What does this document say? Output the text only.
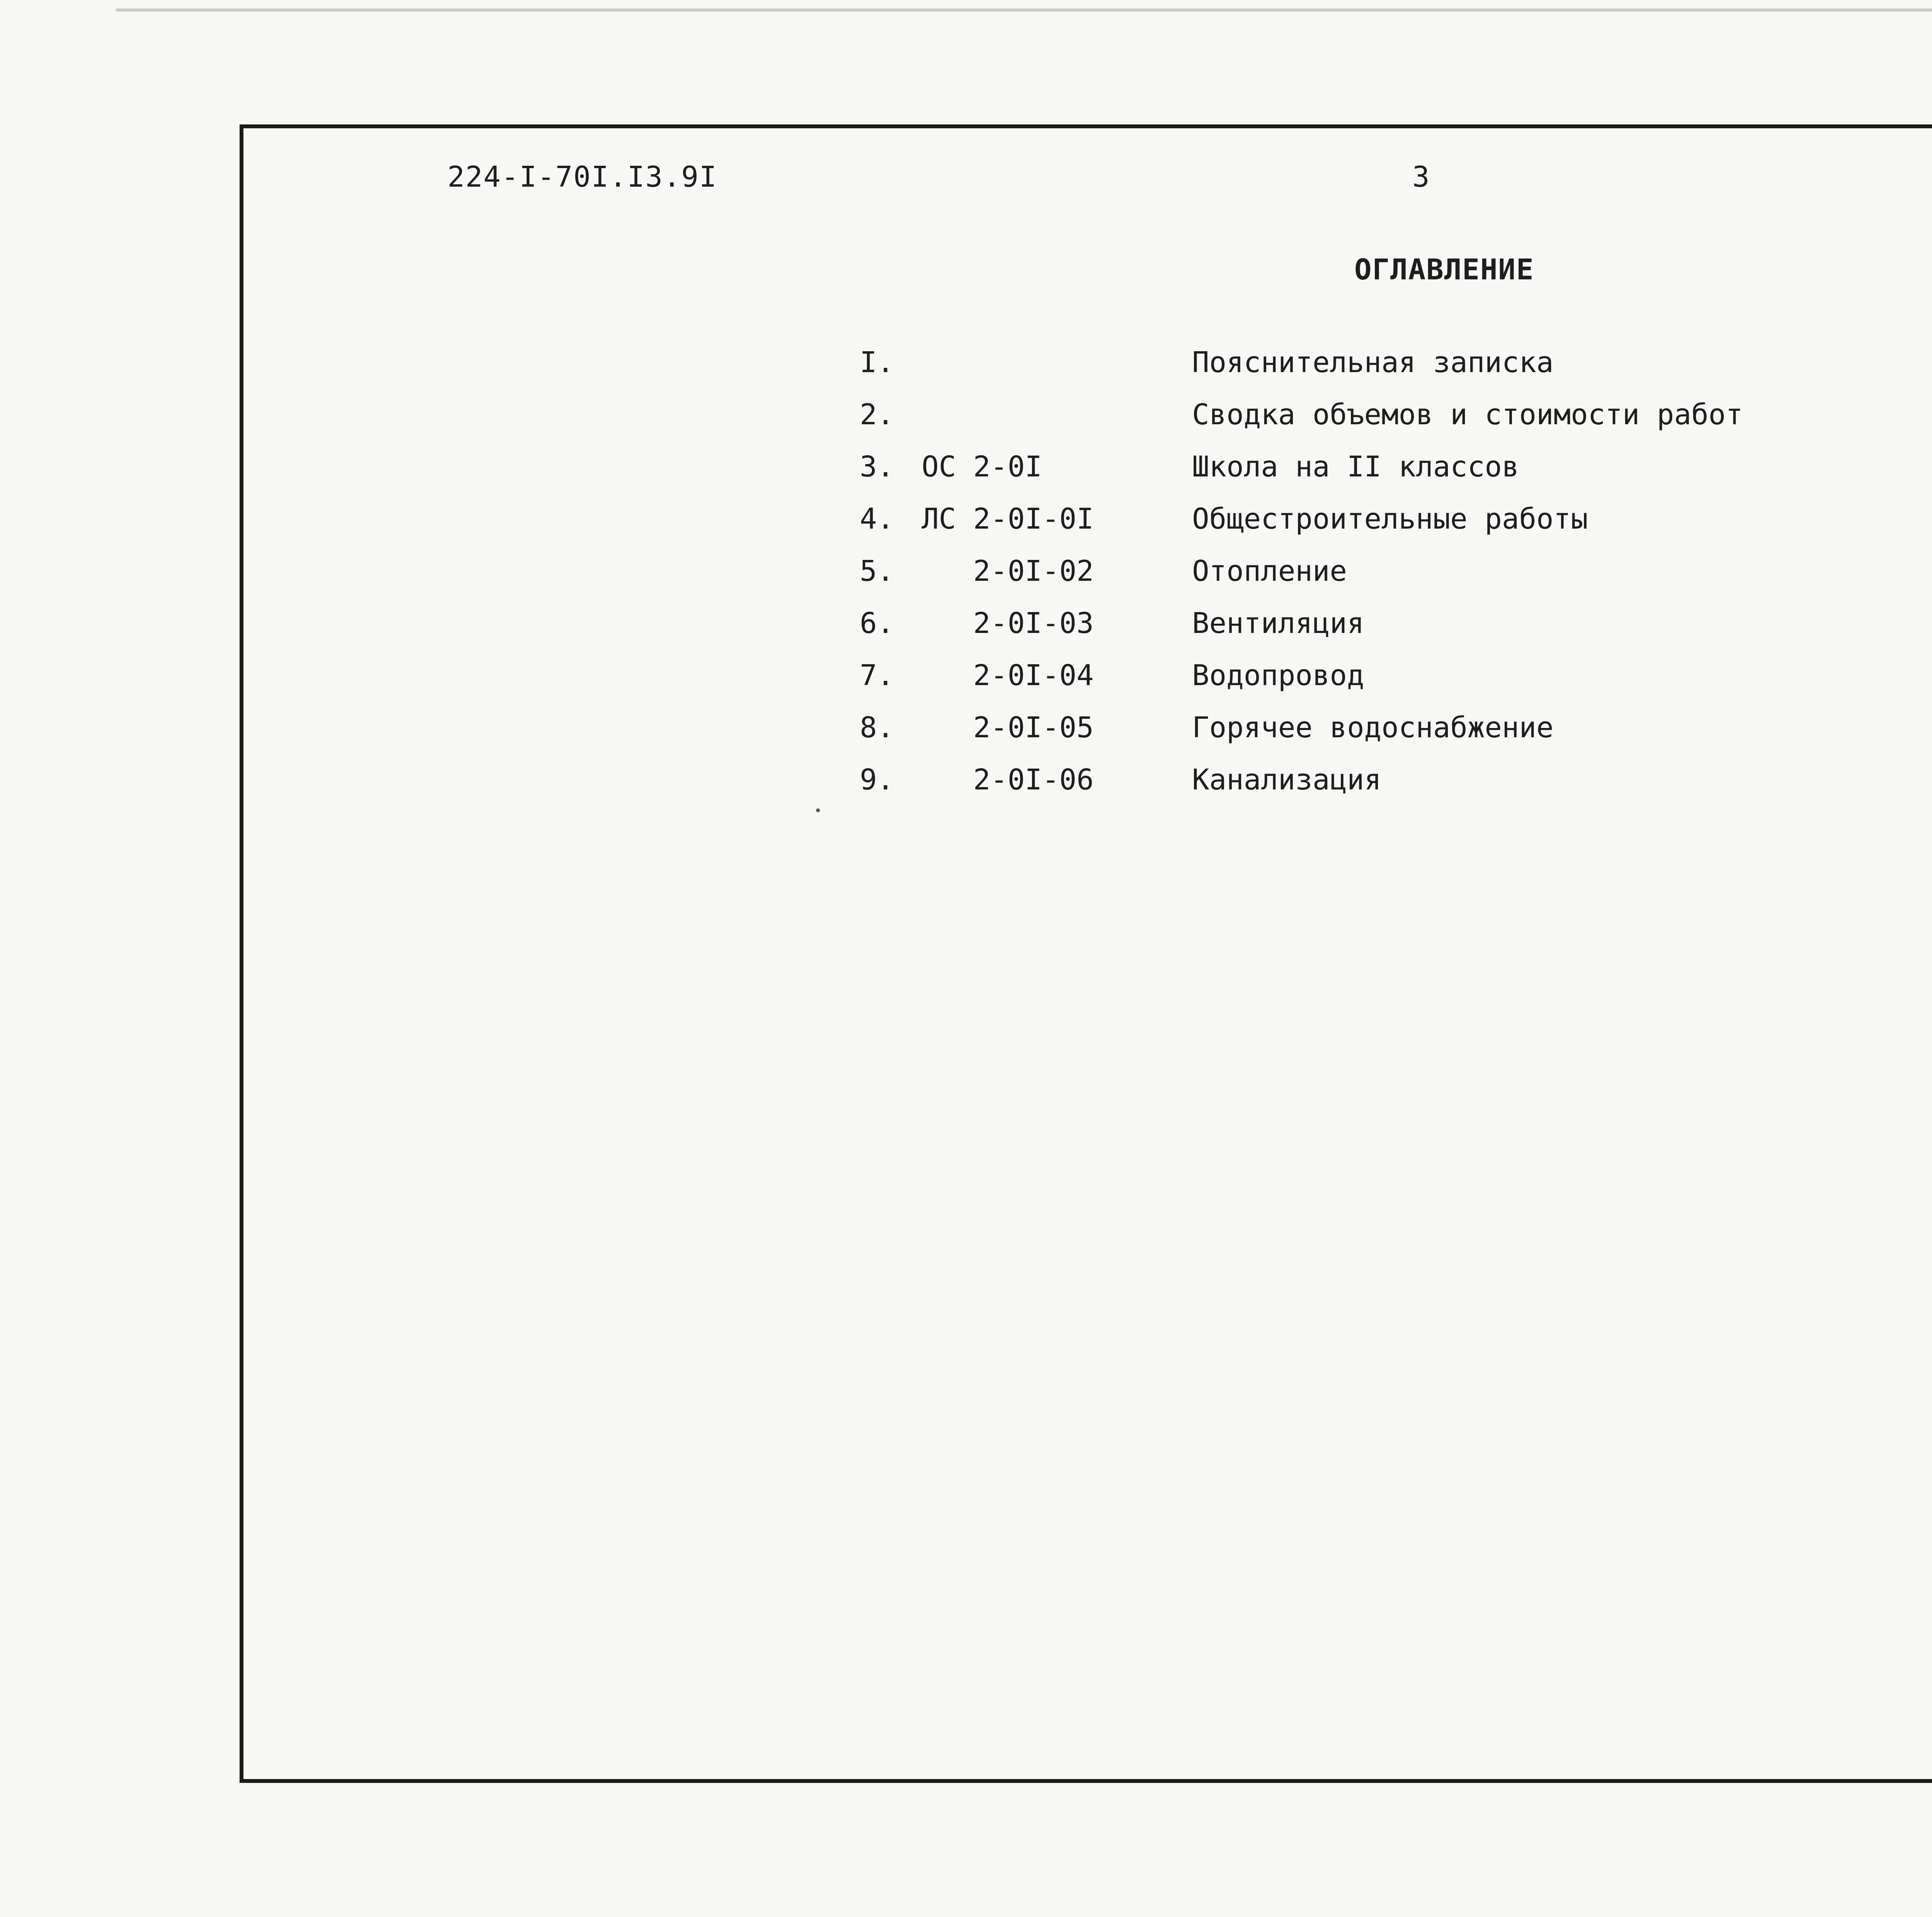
224-I-70I.I3.9I	3
ОГЛАВЛЕНИЕ
I.	Пояснительная записка
2.	Сводка объемов и стоимости работ
3. ОС 2-0I	Школа на II классов
4. ЛС 2-0I-0I	Общестроительные работы
5. 2-0I-02	Отопление
6. 2-0I-03	Вентиляция
7. 2-0I-04	Водопровод
8. 2-0I-05	Горячее водоснабжение
9. 2-0I-06	Канализация
